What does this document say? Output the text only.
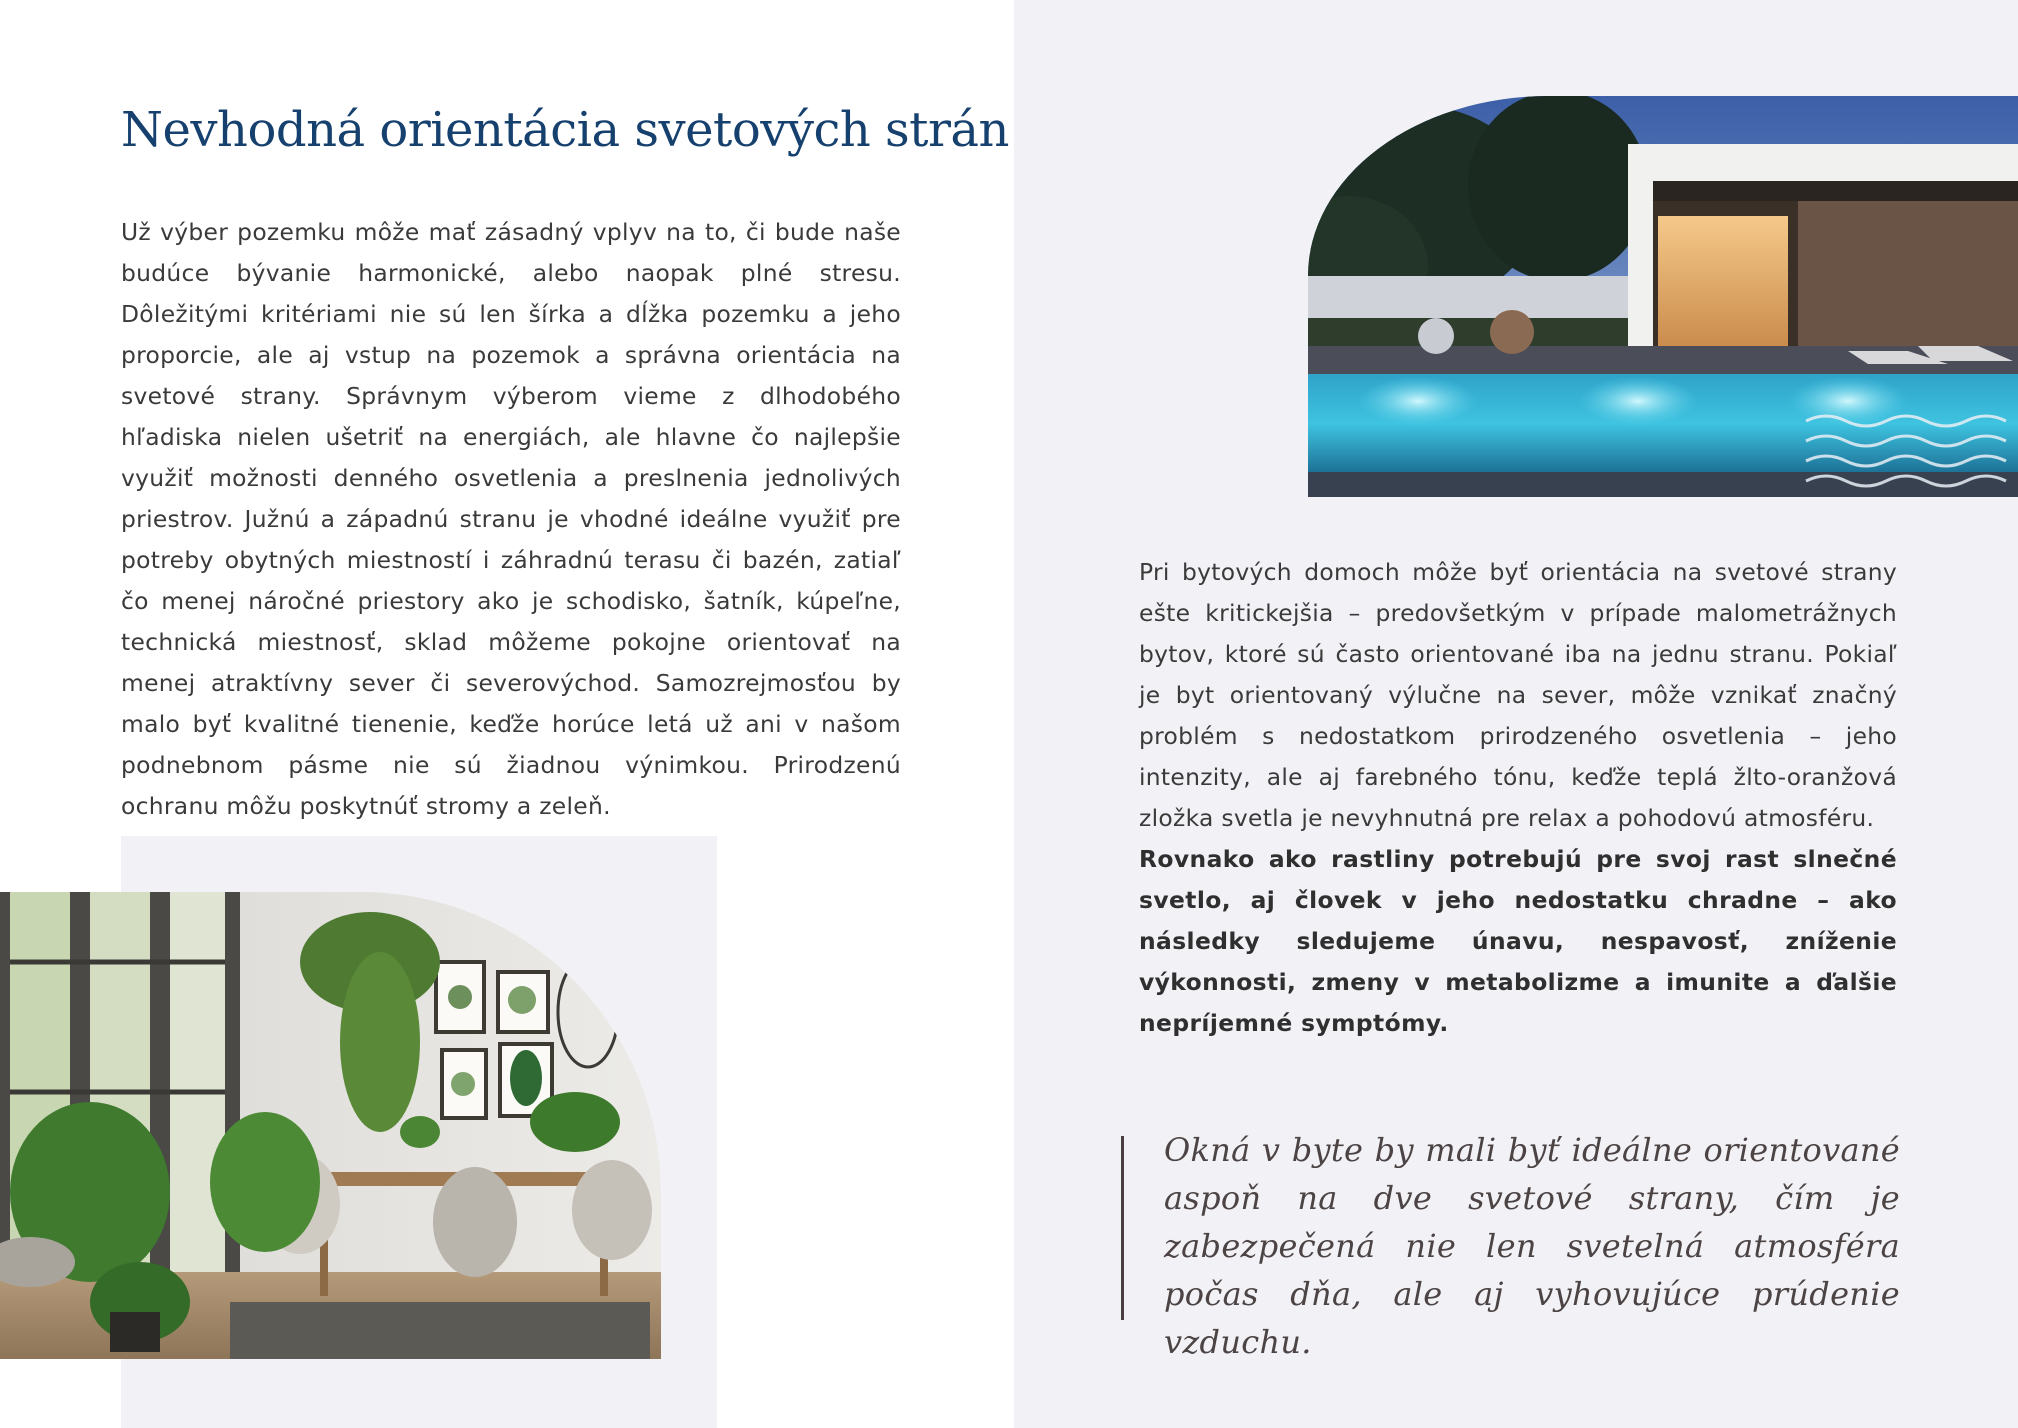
Nevhodná orientácia svetových strán

Už výber pozemku môže mať zásadný vplyv na to, či bude naše budúce bývanie harmonické, alebo naopak plné stresu. Dôležitými kritériami nie sú len šírka a dĺžka pozemku a jeho proporcie, ale aj vstup na pozemok a správna orientácia na svetové strany. Správnym výberom vieme z dlhodobého hľadiska nielen ušetriť na energiách, ale hlavne čo najlepšie využiť možnosti denného osvetlenia a preslnenia jednolivých priestrov. Južnú a západnú stranu je vhodné ideálne využiť pre potreby obytných miestností i záhradnú terasu či bazén, zatiaľ čo menej náročné priestory ako je schodisko, šatník, kúpeľne, technická miestnosť, sklad môžeme pokojne orientovať na menej atraktívny sever či severovýchod. Samozrejmosťou by malo byť kvalitné tienenie, keďže horúce letá už ani v našom podnebnom pásme nie sú žiadnou výnimkou. Prirodzenú ochranu môžu poskytnúť stromy a zeleň.

Pri bytových domoch môže byť orientácia na svetové strany ešte kritickejšia – predovšetkým v prípade malometrážnych bytov, ktoré sú často orientované iba na jednu stranu. Pokiaľ je byt orientovaný výlučne na sever, môže vznikať značný problém s nedostatkom prirodzeného osvetlenia – jeho intenzity, ale aj farebného tónu, keďže teplá žlto-oranžová zložka svetla je nevyhnutná pre relax a pohodovú atmosféru.

Rovnako ako rastliny potrebujú pre svoj rast slnečné svetlo, aj človek v jeho nedostatku chradne – ako následky sledujeme únavu, nespavosť, zníženie výkonnosti, zmeny v metabolizme a imunite a ďalšie nepríjemné symptómy.

Okná v byte by mali byť ideálne orientované aspoň na dve svetové strany, čím je zabezpečená nie len svetelná atmosféra počas dňa, ale aj vyhovujúce prúdenie vzduchu.
